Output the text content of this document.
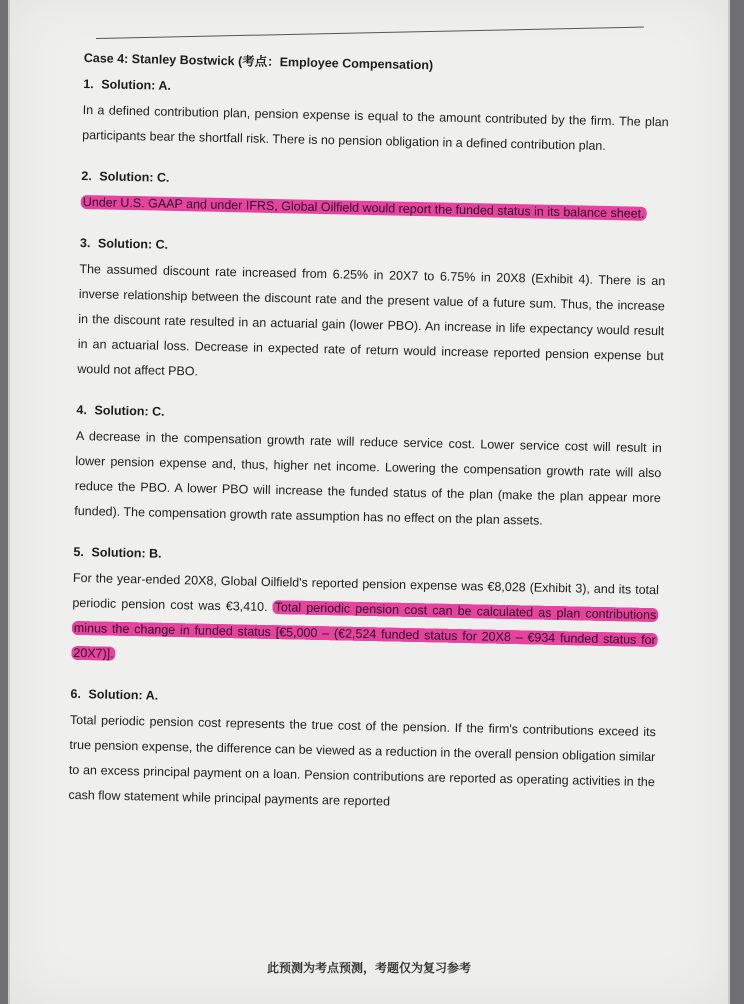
Case 4: Stanley Bostwick (考点：Employee Compensation)
1. Solution: A.
In a defined contribution plan, pension expense is equal to the amount contributed by the firm. The plan participants bear the shortfall risk. There is no pension obligation in a defined contribution plan.
2. Solution: C.
Under U.S. GAAP and under IFRS, Global Oilfield would report the funded status in its balance sheet.
3. Solution: C.
The assumed discount rate increased from 6.25% in 20X7 to 6.75% in 20X8 (Exhibit 4). There is an inverse relationship between the discount rate and the present value of a future sum. Thus, the increase in the discount rate resulted in an actuarial gain (lower PBO). An increase in life expectancy would result in an actuarial loss. Decrease in expected rate of return would increase reported pension expense but would not affect PBO.
4. Solution: C.
A decrease in the compensation growth rate will reduce service cost. Lower service cost will result in lower pension expense and, thus, higher net income. Lowering the compensation growth rate will also reduce the PBO. A lower PBO will increase the funded status of the plan (make the plan appear more funded). The compensation growth rate assumption has no effect on the plan assets.
5. Solution: B.
For the year-ended 20X8, Global Oilfield's reported pension expense was €8,028 (Exhibit 3), and its total periodic pension cost was €3,410. Total periodic pension cost can be calculated as plan contributions minus the change in funded status [€5,000 – (€2,524 funded status for 20X8 – €934 funded status for 20X7)].
6. Solution: A.
Total periodic pension cost represents the true cost of the pension. If the firm's contributions exceed its true pension expense, the difference can be viewed as a reduction in the overall pension obligation similar to an excess principal payment on a loan. Pension contributions are reported as operating activities in the cash flow statement while principal payments are reported
此预测为考点预测，考题仅为复习参考
